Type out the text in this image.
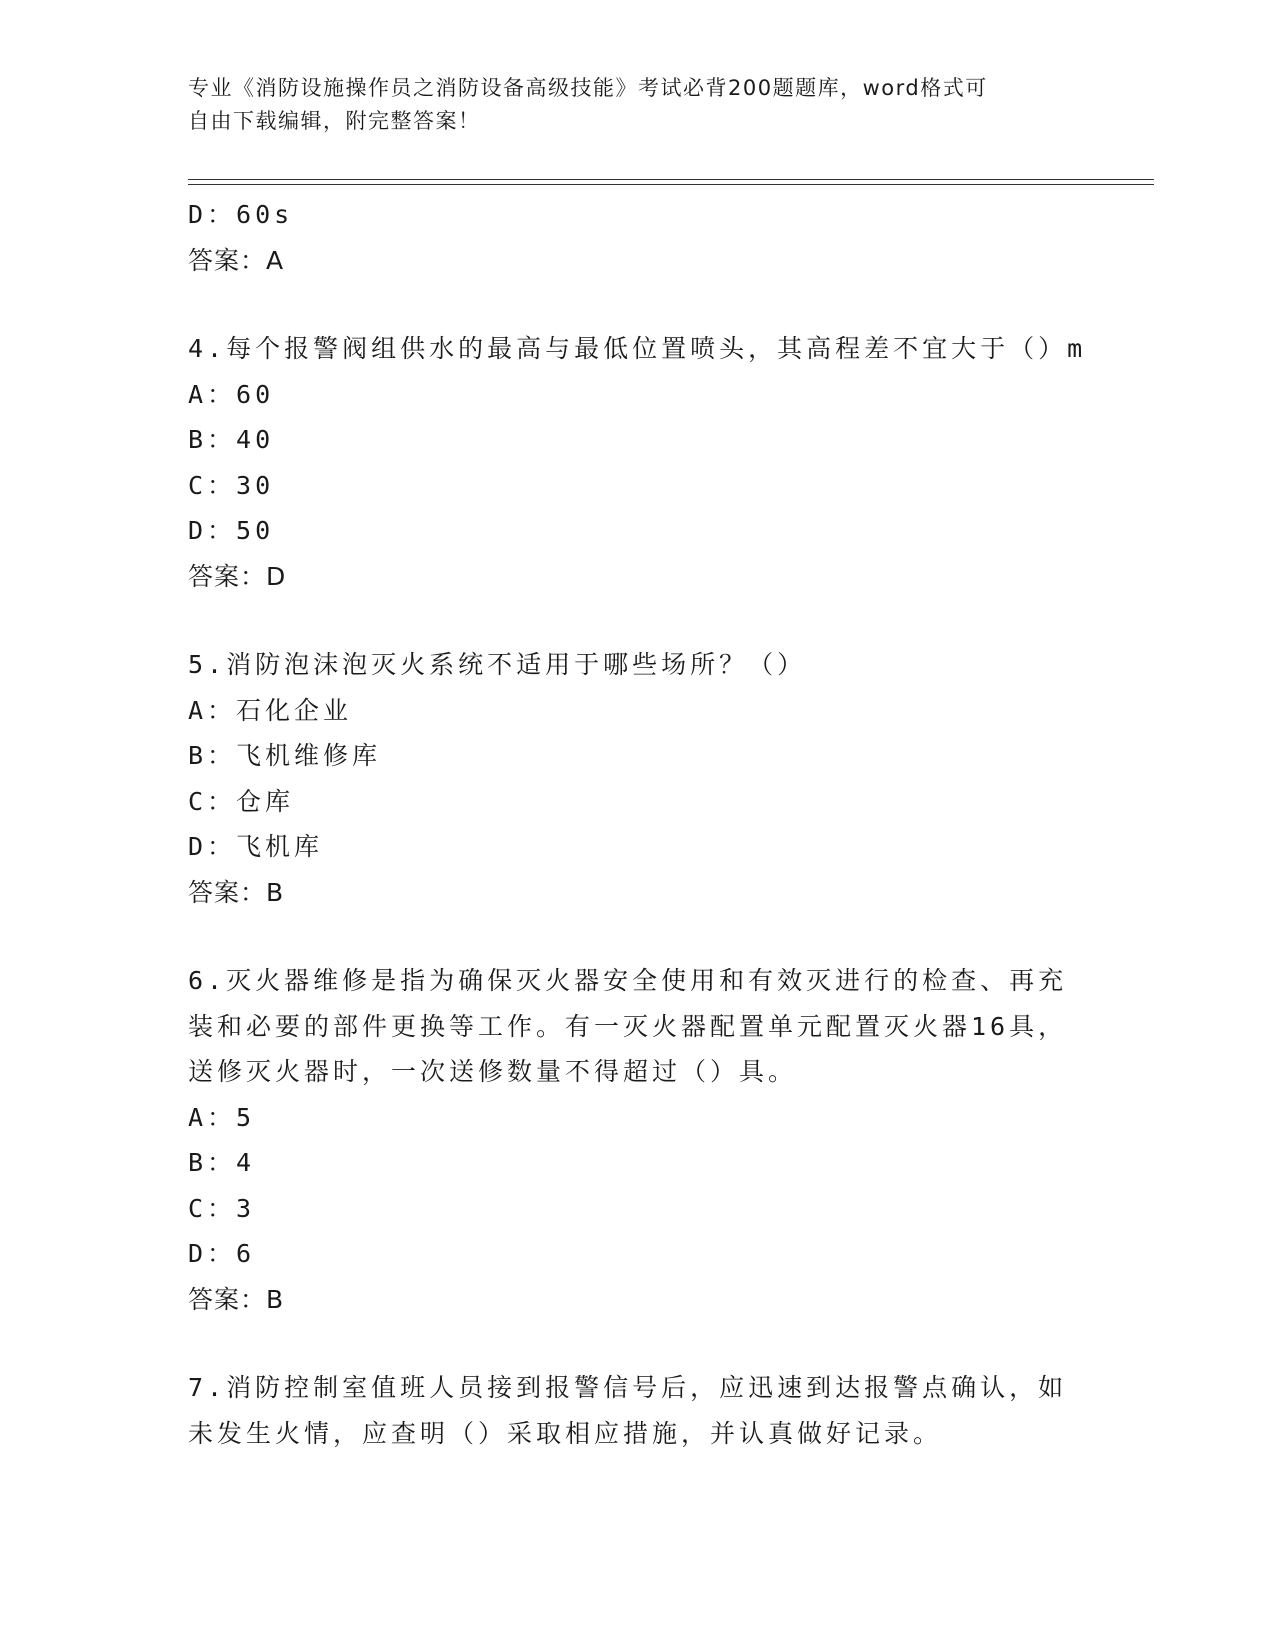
专业《消防设施操作员之消防设备高级技能》考试必背200题题库，word格式可
自由下载编辑，附完整答案！
D：60s
答案：A
4.每个报警阀组供水的最高与最低位置喷头，其高程差不宜大于（）m
A：60
B：40
C：30
D：50
答案：D
5.消防泡沫泡灭火系统不适用于哪些场所？（）
A：石化企业
B：飞机维修库
C：仓库
D：飞机库
答案：B
6.灭火器维修是指为确保灭火器安全使用和有效灭进行的检查、再充
装和必要的部件更换等工作。有一灭火器配置单元配置灭火器16具，
送修灭火器时，一次送修数量不得超过（）具。
A：5
B：4
C：3
D：6
答案：B
7.消防控制室值班人员接到报警信号后，应迅速到达报警点确认，如
未发生火情，应查明（）采取相应措施，并认真做好记录。
